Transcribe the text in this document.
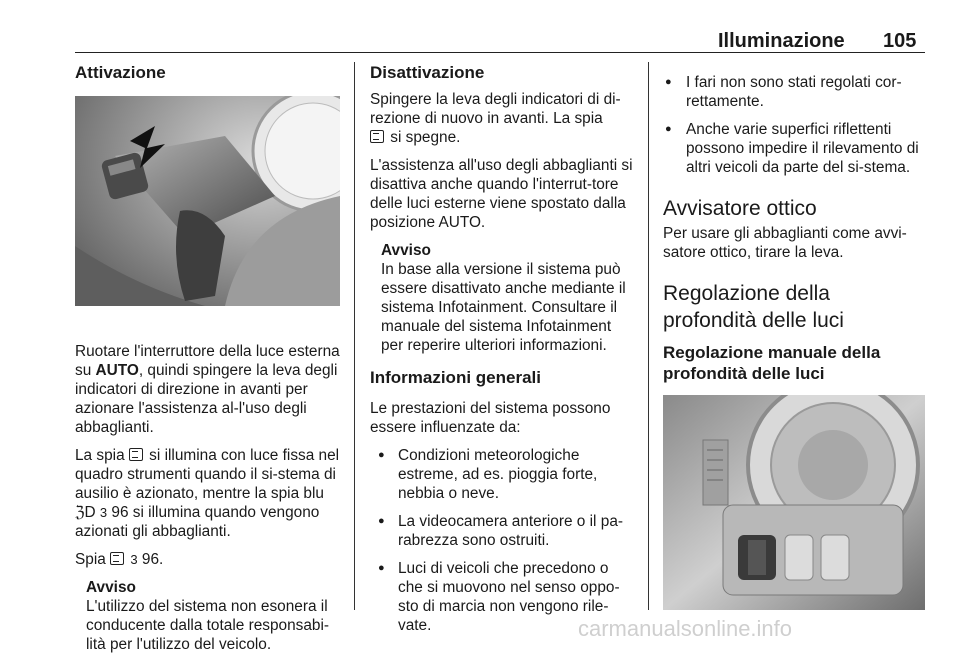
Illuminazione 105
Attivazione

Ruotare l'interruttore della luce esterna su AUTO, quindi spingere la leva degli indicatori di direzione in avanti per azionare l'assistenza al-l'uso degli abbaglianti.

La spia  si illumina con luce fissa nel quadro strumenti quando il si-stema di ausilio è azionato, mentre la spia blu ℨD 3 96 si illumina quando vengono azionati gli abbaglianti.

Spia  3 96.

Avviso
L'utilizzo del sistema non esonera il conducente dalla totale responsabi-lità per l'utilizzo del veicolo.
Disattivazione

Spingere la leva degli indicatori di di-rezione di nuovo in avanti. La spia
si spegne.

L'assistenza all'uso degli abbaglianti si disattiva anche quando l'interrut-tore delle luci esterne viene spostato dalla posizione AUTO.

Avviso
In base alla versione il sistema può essere disattivato anche mediante il sistema Infotainment. Consultare il manuale del sistema Infotainment per reperire ulteriori informazioni.
Informazioni generali

Le prestazioni del sistema possono essere influenzate da:

● Condizioni meteorologiche estreme, ad es. pioggia forte, nebbia o neve.
● La videocamera anteriore o il pa-rabrezza sono ostruiti.
● Luci di veicoli che precedono o che si muovono nel senso oppo-sto di marcia non vengono rile-vate.
● I fari non sono stati regolati cor-rettamente.
● Anche varie superfici riflettenti possono impedire il rilevamento di altri veicoli da parte del si-stema.
Avvisatore ottico

Per usare gli abbaglianti come avvi-satore ottico, tirare la leva.

Regolazione della profondità delle luci
Regolazione manuale della profondità delle luci
carmanualsonline.info
